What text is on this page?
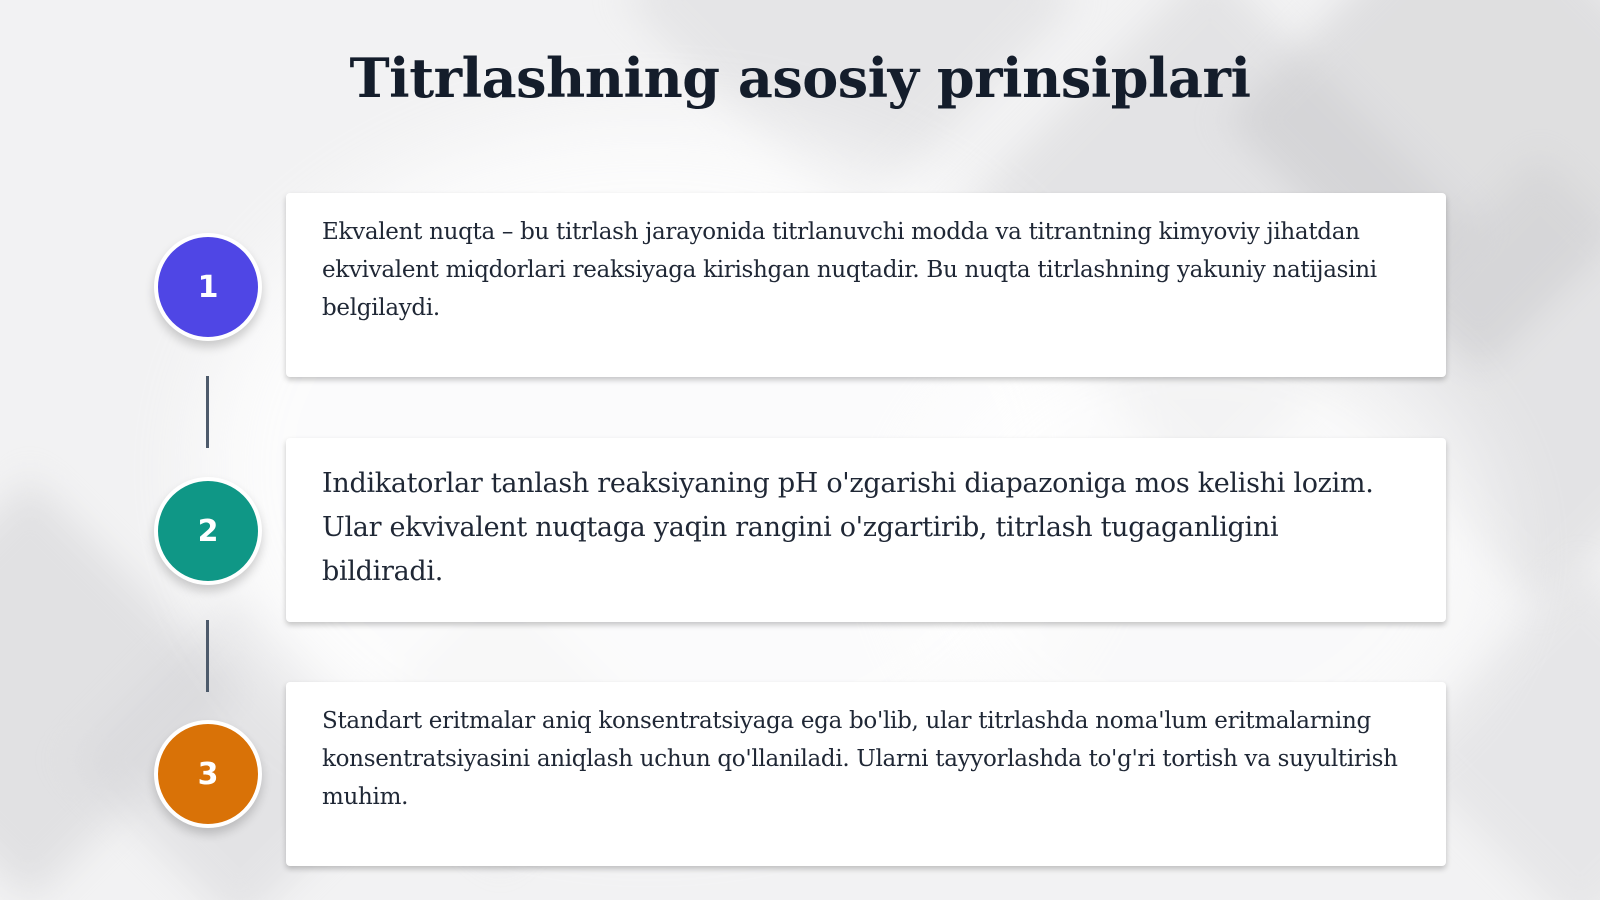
Titrlashning asosiy prinsiplari
1

Ekvalent nuqta – bu titrlash jarayonida titrlanuvchi modda va titrantning kimyoviy jihatdan ekvivalent miqdorlari reaksiyaga kirishgan nuqtadir. Bu nuqta titrlashning yakuniy natijasini belgilaydi.

2

Indikatorlar tanlash reaksiyaning pH o'zgarishi diapazoniga mos kelishi lozim. Ular ekvivalent nuqtaga yaqin rangini o'zgartirib, titrlash tugaganligini bildiradi.

3

Standart eritmalar aniq konsentratsiyaga ega bo'lib, ular titrlashda noma'lum eritmalarning konsentratsiyasini aniqlash uchun qo'llaniladi. Ularni tayyorlashda to'g'ri tortish va suyultirish muhim.
